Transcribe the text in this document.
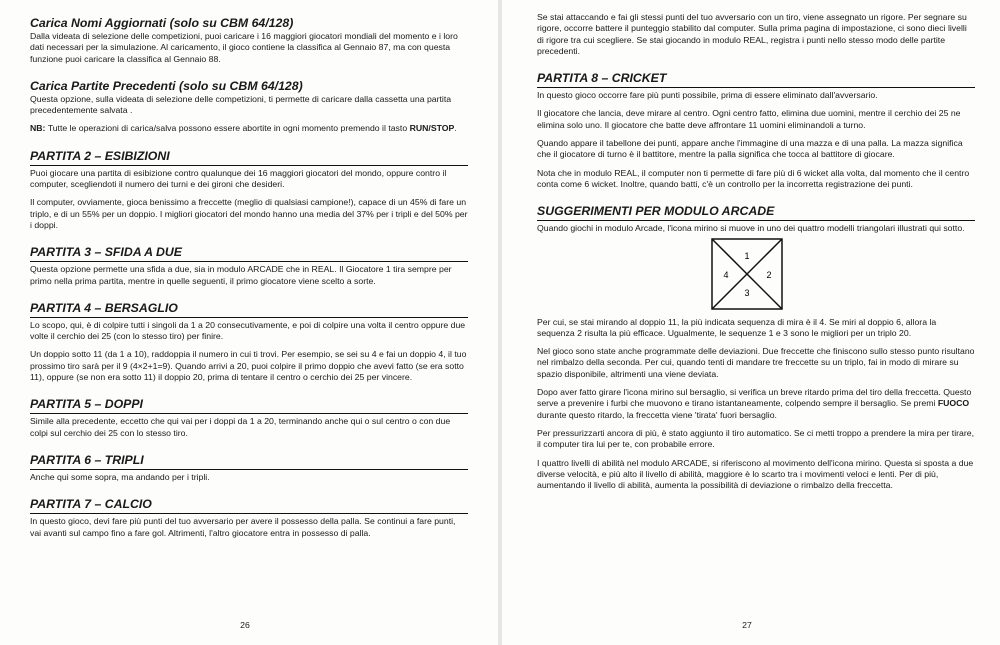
Carica Nomi Aggiornati (solo su CBM 64/128)

Dalla videata di selezione delle competizioni, puoi caricare i 16 maggiori giocatori mondiali del momento e i loro dati necessari per la simulazione. Al caricamento, il gioco contiene la classifica al Gennaio 87, ma con questa funzione puoi caricare la classifica al Gennaio 88.

Carica Partite Precedenti (solo su CBM 64/128)

Questa opzione, sulla videata di selezione delle competizioni, ti permette di caricare dalla cassetta una partita precedentemente salvata .

NB: Tutte le operazioni di carica/salva possono essere abortite in ogni momento premendo il tasto RUN/STOP.

PARTITA 2 – ESIBIZIONI

Puoi giocare una partita di esibizione contro qualunque dei 16 maggiori giocatori del mondo, oppure contro il computer, scegliendoti il numero dei turni e dei gironi che desideri.

Il computer, ovviamente, gioca benissimo a freccette (meglio di qualsiasi campione!), capace di un 45% di fare un triplo, e di un 55% per un doppio. I migliori giocatori del mondo hanno una media del 37% per i tripli e del 50% per i doppi.

PARTITA 3 – SFIDA A DUE

Questa opzione permette una sfida a due, sia in modulo ARCADE che in REAL. Il Giocatore 1 tira sempre per primo nella prima partita, mentre in quelle seguenti, il primo giocatore viene scelto a sorte.

PARTITA 4 – BERSAGLIO

Lo scopo, qui, è di colpire tutti i singoli da 1 a 20 consecutivamente, e poi di colpire una volta il centro oppure due volte il cerchio dei 25 (con lo stesso tiro) per finire.

Un doppio sotto 11 (da 1 a 10), raddoppia il numero in cui ti trovi. Per esempio, se sei su 4 e fai un doppio 4, il tuo prossimo tiro sarà per il 9 (4×2+1=9). Quando arrivi a 20, puoi colpire il primo doppio che avevi fatto (se era sotto 11), oppure (se non era sotto 11) il doppio 20, prima di tentare il centro o cerchio dei 25 per vincere.

PARTITA 5 – DOPPI

Simile alla precedente, eccetto che qui vai per i doppi da 1 a 20, terminando anche qui o sul centro o con due colpi sul cerchio dei 25 con lo stesso tiro.

PARTITA 6 – TRIPLI

Anche qui some sopra, ma andando per i tripli.

PARTITA 7 – CALCIO

In questo gioco, devi fare più punti del tuo avversario per avere il possesso della palla. Se continui a fare punti, vai avanti sul campo fino a fare gol. Altrimenti, l'altro giocatore entra in possesso di palla.

26

Se stai attaccando e fai gli stessi punti del tuo avversario con un tiro, viene assegnato un rigore. Per segnare su rigore, occorre battere il punteggio stabilito dal computer. Sulla prima pagina di impostazione, ci sono dieci livelli di rigore tra cui scegliere. Se stai giocando in modulo REAL, registra i punti nello stesso modo delle partite precedenti.

PARTITA 8 – CRICKET

In questo gioco occorre fare più punti possibile, prima di essere eliminato dall'avversario.

Il giocatore che lancia, deve mirare al centro. Ogni centro fatto, elimina due uomini, mentre il cerchio dei 25 ne elimina solo uno. Il giocatore che batte deve affrontare 11 uomini eliminandoli a turno.

Quando appare il tabellone dei punti, appare anche l'immagine di una mazza e di una palla. La mazza significa che il giocatore di turno è il battitore, mentre la palla significa che tocca al battitore di giocare.

Nota che in modulo REAL, il computer non ti permette di fare più di 6 wicket alla volta, dal momento che il centro conta come 6 wicket. Inoltre, quando batti, c'è un controllo per la incorretta registrazione dei punti.

SUGGERIMENTI PER MODULO ARCADE

Quando giochi in modulo Arcade, l'icona mirino si muove in uno dei quattro modelli triangolari illustrati qui sotto.

1
2
3
4

Per cui, se stai mirando al doppio 11, la più indicata sequenza di mira è il 4. Se miri al doppio 6, allora la sequenza 2 risulta la più efficace. Ugualmente, le sequenze 1 e 3 sono le migliori per un triplo 20.

Nel gioco sono state anche programmate delle deviazioni. Due freccette che finiscono sullo stesso punto risultano nel rimbalzo della seconda. Per cui, quando tenti di mandare tre freccette su un triplo, fai in modo di mirare su spazio disponibile, altrimenti una viene deviata.

Dopo aver fatto girare l'icona mirino sul bersaglio, si verifica un breve ritardo prima del tiro della freccetta. Questo serve a prevenire i furbi che muovono e tirano istantaneamente, colpendo sempre il bersaglio. Se premi FUOCO durante questo ritardo, la freccetta viene 'tirata' fuori bersaglio.

Per pressurizzarti ancora di più, è stato aggiunto il tiro automatico. Se ci metti troppo a prendere la mira per tirare, il computer tira lui per te, con probabile errore.

I quattro livelli di abilità nel modulo ARCADE, si riferiscono al movimento dell'icona mirino. Questa si sposta a due diverse velocità, e più alto il livello di abilità, maggiore è lo scarto tra i movimenti veloci e lenti. Per di più, aumentando il livello di abilità, aumenta la possibilità di deviazione o rimbalzo della freccetta.

27
